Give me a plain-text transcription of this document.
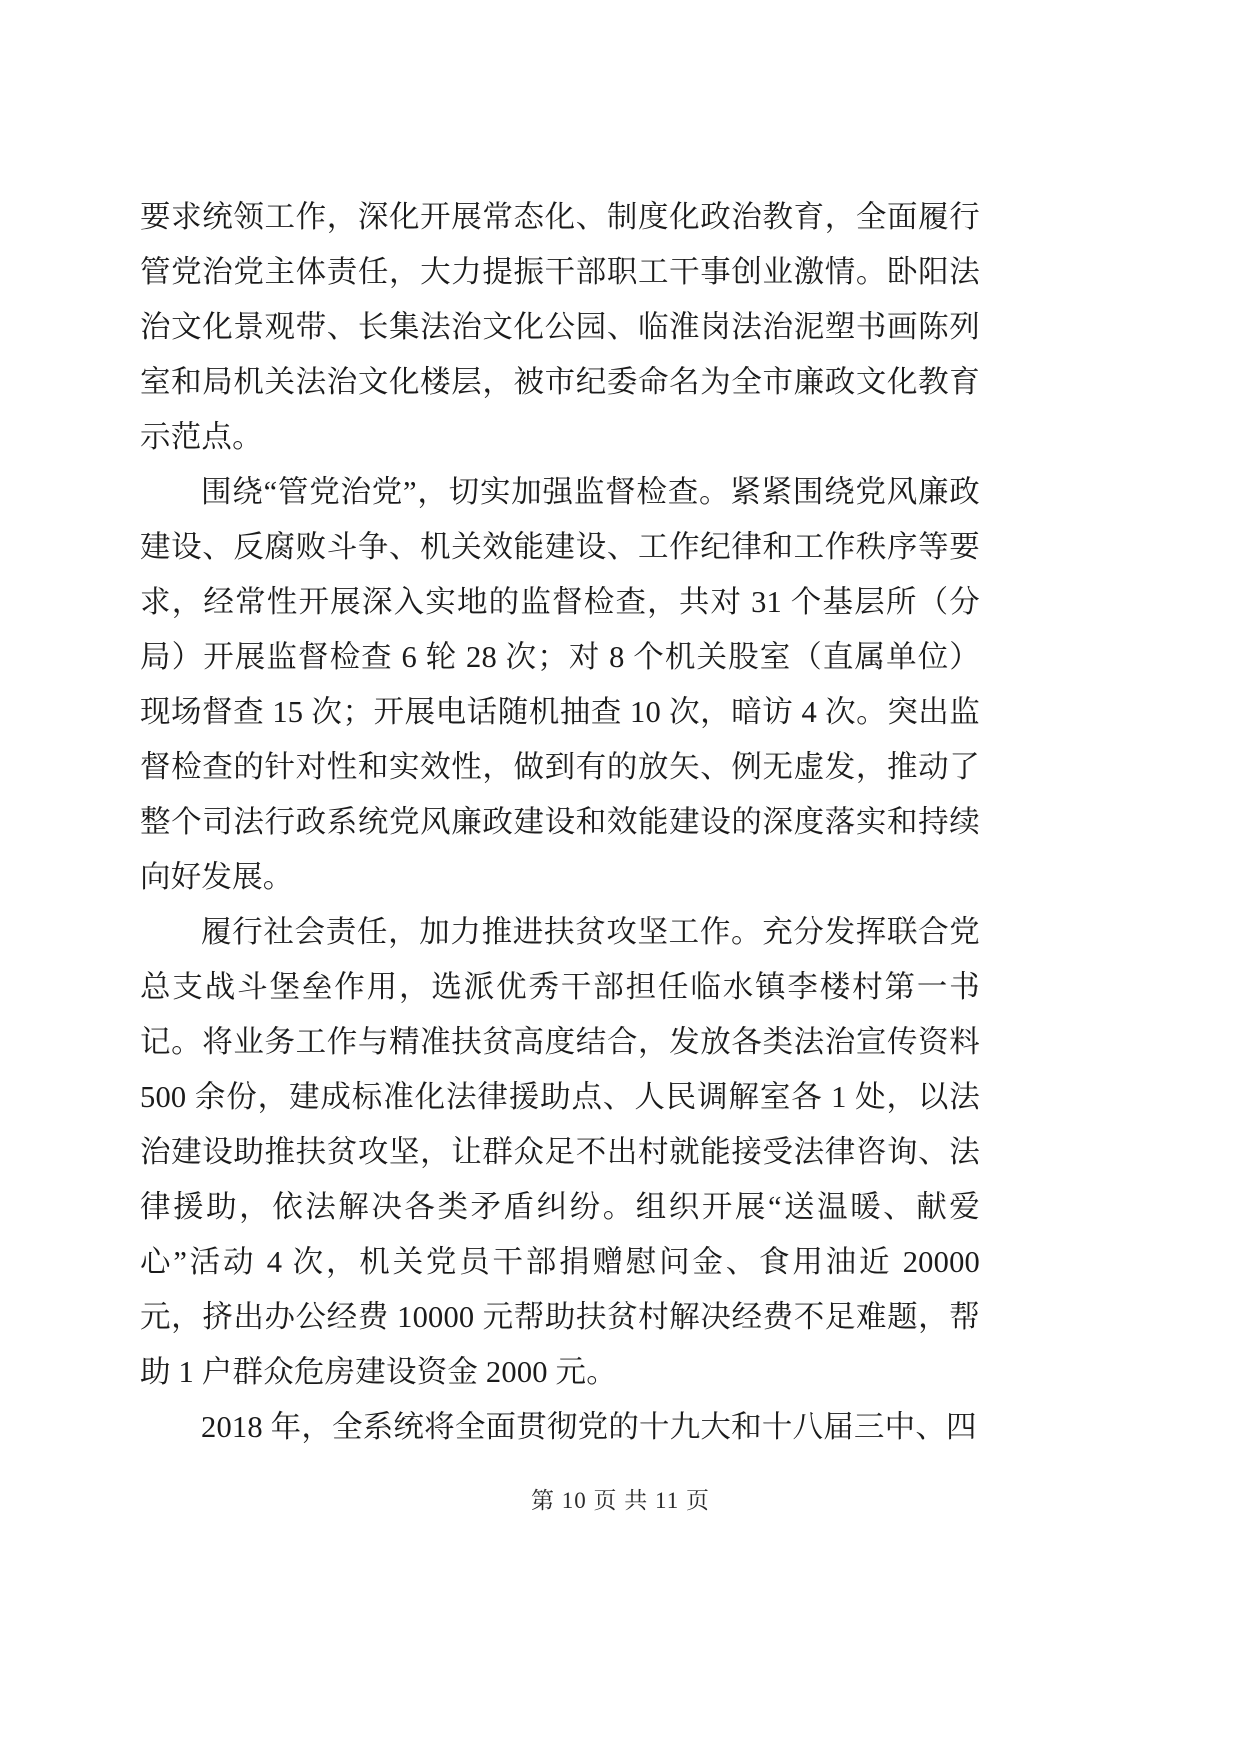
要求统领工作，深化开展常态化、制度化政治教育，全面履行管党治党主体责任，大力提振干部职工干事创业激情。卧阳法治文化景观带、长集法治文化公园、临淮岗法治泥塑书画陈列室和局机关法治文化楼层，被市纪委命名为全市廉政文化教育示范点。

围绕“管党治党”，切实加强监督检查。紧紧围绕党风廉政建设、反腐败斗争、机关效能建设、工作纪律和工作秩序等要求，经常性开展深入实地的监督检查，共对 31 个基层所（分局）开展监督检查 6 轮 28 次；对 8 个机关股室（直属单位）现场督查 15 次；开展电话随机抽查 10 次，暗访 4 次。突出监督检查的针对性和实效性，做到有的放矢、例无虚发，推动了整个司法行政系统党风廉政建设和效能建设的深度落实和持续向好发展。

履行社会责任，加力推进扶贫攻坚工作。充分发挥联合党总支战斗堡垒作用，选派优秀干部担任临水镇李楼村第一书记。将业务工作与精准扶贫高度结合，发放各类法治宣传资料 500 余份，建成标准化法律援助点、人民调解室各 1 处，以法治建设助推扶贫攻坚，让群众足不出村就能接受法律咨询、法律援助，依法解决各类矛盾纠纷。组织开展“送温暖、献爱心”活动 4 次，机关党员干部捐赠慰问金、食用油近 20000 元，挤出办公经费 10000 元帮助扶贫村解决经费不足难题，帮助 1 户群众危房建设资金 2000 元。

2018 年，全系统将全面贯彻党的十九大和十八届三中、四

第 10 页 共 11 页
